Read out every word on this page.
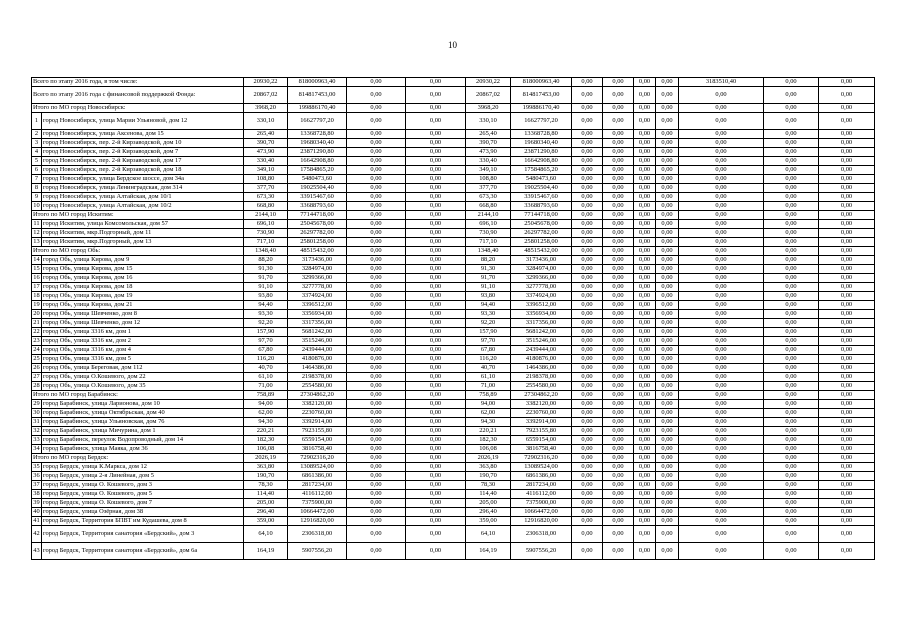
10
Всего по этапу 2016 года, в том числе:		20930,22	818000963,40	0,00	0,00	20930,22	818000963,40	0,00	0,00	0,00	0,00	3183510,40	0,00	0,00
Всего по этапу 2016 года с финансовой поддержкой Фонда:		20867,02	814817453,00	0,00	0,00	20867,02	814817453,00	0,00	0,00	0,00	0,00	0,00	0,00	0,00
Итого по МО город Новосибирск:		3968,20	199886170,40	0,00	0,00	3968,20	199886170,40	0,00	0,00	0,00	0,00	0,00	0,00	0,00
1	город Новосибирск, улица Марии Ульяновой, дом 12	330,10	16627797,20	0,00	0,00	330,10	16627797,20	0,00	0,00	0,00	0,00	0,00	0,00	0,00
2	город Новосибирск, улица Аксенова, дом 15	265,40	13368728,80	0,00	0,00	265,40	13368728,80	0,00	0,00	0,00	0,00	0,00	0,00	0,00
3	город Новосибирск, пер. 2-й Кирзаводской, дом 10	390,70	19680340,40	0,00	0,00	390,70	19680340,40	0,00	0,00	0,00	0,00	0,00	0,00	0,00
4	город Новосибирск, пер. 2-й Кирзаводской, дом 7	473,90	23871290,80	0,00	0,00	473,90	23871290,80	0,00	0,00	0,00	0,00	0,00	0,00	0,00
5	город Новосибирск, пер. 2-й Кирзаводской, дом 17	330,40	16642908,80	0,00	0,00	330,40	16642908,80	0,00	0,00	0,00	0,00	0,00	0,00	0,00
6	город Новосибирск, пер. 2-й Кирзаводской, дом 18	349,10	17584865,20	0,00	0,00	349,10	17584865,20	0,00	0,00	0,00	0,00	0,00	0,00	0,00
7	город Новосибирск, улица Бердское шоссе, дом 34а	108,80	5480473,60	0,00	0,00	108,80	5480473,60	0,00	0,00	0,00	0,00	0,00	0,00	0,00
8	город Новосибирск, улица Ленинградская, дом 314	377,70	19025504,40	0,00	0,00	377,70	19025504,40	0,00	0,00	0,00	0,00	0,00	0,00	0,00
9	город Новосибирск, улица Алтайская, дом 10/1	673,30	33915467,60	0,00	0,00	673,30	33915467,60	0,00	0,00	0,00	0,00	0,00	0,00	0,00
10	город Новосибирск, улица Алтайская, дом 10/2	668,80	33688793,60	0,00	0,00	668,80	33688793,60	0,00	0,00	0,00	0,00	0,00	0,00	0,00
Итого по МО город Искитим:		2144,10	77144718,00	0,00	0,00	2144,10	77144718,00	0,00	0,00	0,00	0,00	0,00	0,00	0,00
11	город Искитим, улица Комсомольская, дом 57	696,10	25045678,00	0,00	0,00	696,10	25045678,00	0,00	0,00	0,00	0,00	0,00	0,00	0,00
12	город Искитим, мкр.Подгорный, дом 11	730,90	26297782,00	0,00	0,00	730,90	26297782,00	0,00	0,00	0,00	0,00	0,00	0,00	0,00
13	город Искитим, мкр.Подгорный, дом 13	717,10	25801258,00	0,00	0,00	717,10	25801258,00	0,00	0,00	0,00	0,00	0,00	0,00	0,00
Итого по МО город Обь:		1348,40	48515432,00	0,00	0,00	1348,40	48515432,00	0,00	0,00	0,00	0,00	0,00	0,00	0,00
14	город Обь, улица Кирова, дом 9	88,20	3173436,00	0,00	0,00	88,20	3173436,00	0,00	0,00	0,00	0,00	0,00	0,00	0,00
15	город Обь, улица Кирова, дом 15	91,30	3284974,00	0,00	0,00	91,30	3284974,00	0,00	0,00	0,00	0,00	0,00	0,00	0,00
16	город Обь, улица Кирова, дом 16	91,70	3299366,00	0,00	0,00	91,70	3299366,00	0,00	0,00	0,00	0,00	0,00	0,00	0,00
17	город Обь, улица Кирова, дом 18	91,10	3277778,00	0,00	0,00	91,10	3277778,00	0,00	0,00	0,00	0,00	0,00	0,00	0,00
18	город Обь, улица Кирова, дом 19	93,80	3374924,00	0,00	0,00	93,80	3374924,00	0,00	0,00	0,00	0,00	0,00	0,00	0,00
19	город Обь, улица Кирова, дом 21	94,40	3396512,00	0,00	0,00	94,40	3396512,00	0,00	0,00	0,00	0,00	0,00	0,00	0,00
20	город Обь, улица Шевченко, дом 8	93,30	3356934,00	0,00	0,00	93,30	3356934,00	0,00	0,00	0,00	0,00	0,00	0,00	0,00
21	город Обь, улица Шевченко, дом 12	92,20	3317356,00	0,00	0,00	92,20	3317356,00	0,00	0,00	0,00	0,00	0,00	0,00	0,00
22	город Обь, улица 3316 км, дом 1	157,90	5681242,00	0,00	0,00	157,90	5681242,00	0,00	0,00	0,00	0,00	0,00	0,00	0,00
23	город Обь, улица 3316 км, дом 2	97,70	3515246,00	0,00	0,00	97,70	3515246,00	0,00	0,00	0,00	0,00	0,00	0,00	0,00
24	город Обь, улица 3316 км, дом 4	67,80	2439444,00	0,00	0,00	67,80	2439444,00	0,00	0,00	0,00	0,00	0,00	0,00	0,00
25	город Обь, улица 3316 км, дом 5	116,20	4180876,00	0,00	0,00	116,20	4180876,00	0,00	0,00	0,00	0,00	0,00	0,00	0,00
26	город Обь, улица Береговая, дом 112	40,70	1464386,00	0,00	0,00	40,70	1464386,00	0,00	0,00	0,00	0,00	0,00	0,00	0,00
27	город Обь, улица О.Кошевого, дом 22	61,10	2198378,00	0,00	0,00	61,10	2198378,00	0,00	0,00	0,00	0,00	0,00	0,00	0,00
28	город Обь, улица О.Кошевого, дом 35	71,00	2554580,00	0,00	0,00	71,00	2554580,00	0,00	0,00	0,00	0,00	0,00	0,00	0,00
Итого по МО город Барабинск:		758,89	27304862,20	0,00	0,00	758,89	27304862,20	0,00	0,00	0,00	0,00	0,00	0,00	0,00
29	город Барабинск, улица Ларионова, дом 10	94,00	3382120,00	0,00	0,00	94,00	3382120,00	0,00	0,00	0,00	0,00	0,00	0,00	0,00
30	город Барабинск, улица Октябрьская, дом 40	62,00	2230760,00	0,00	0,00	62,00	2230760,00	0,00	0,00	0,00	0,00	0,00	0,00	0,00
31	город Барабинск, улица Ульяновская, дом 76	94,30	3392914,00	0,00	0,00	94,30	3392914,00	0,00	0,00	0,00	0,00	0,00	0,00	0,00
32	город Барабинск, улица Мичурина, дом 1	220,21	7923155,80	0,00	0,00	220,21	7923155,80	0,00	0,00	0,00	0,00	0,00	0,00	0,00
33	город Барабинск, переулок Водопроводный, дом 14	182,30	6559154,00	0,00	0,00	182,30	6559154,00	0,00	0,00	0,00	0,00	0,00	0,00	0,00
34	город Барабинск, улица Маяка, дом 36	106,08	3816758,40	0,00	0,00	106,08	3816758,40	0,00	0,00	0,00	0,00	0,00	0,00	0,00
Итого по МО город Бердск:		2026,19	72902316,20	0,00	0,00	2026,19	72902316,20	0,00	0,00	0,00	0,00	0,00	0,00	0,00
35	город Бердск, улица К.Маркса, дом 12	363,80	13089524,00	0,00	0,00	363,80	13089524,00	0,00	0,00	0,00	0,00	0,00	0,00	0,00
36	город Бердск, улица 2-я Линейная, дом 5	190,70	6861386,00	0,00	0,00	190,70	6861386,00	0,00	0,00	0,00	0,00	0,00	0,00	0,00
37	город Бердск, улица О. Кошевого, дом 3	78,30	2817234,00	0,00	0,00	78,30	2817234,00	0,00	0,00	0,00	0,00	0,00	0,00	0,00
38	город Бердск, улица О. Кошевого, дом 5	114,40	4116112,00	0,00	0,00	114,40	4116112,00	0,00	0,00	0,00	0,00	0,00	0,00	0,00
39	город Бердск, улица О. Кошевого, дом 7	205,00	7375900,00	0,00	0,00	205,00	7375900,00	0,00	0,00	0,00	0,00	0,00	0,00	0,00
40	город Бердск, улица Озёрная, дом 38	296,40	10664472,00	0,00	0,00	296,40	10664472,00	0,00	0,00	0,00	0,00	0,00	0,00	0,00
41	город Бердск, Территория БПВТ им Кудашева, дом 8	359,00	12916820,00	0,00	0,00	359,00	12916820,00	0,00	0,00	0,00	0,00	0,00	0,00	0,00
42	город Бердск, Территория санатория «Бердский», дом 3	64,10	2306318,00	0,00	0,00	64,10	2306318,00	0,00	0,00	0,00	0,00	0,00	0,00	0,00
43	город Бердск, Территория санатория «Бердский», дом 6а	164,19	5907556,20	0,00	0,00	164,19	5907556,20	0,00	0,00	0,00	0,00	0,00	0,00	0,00
